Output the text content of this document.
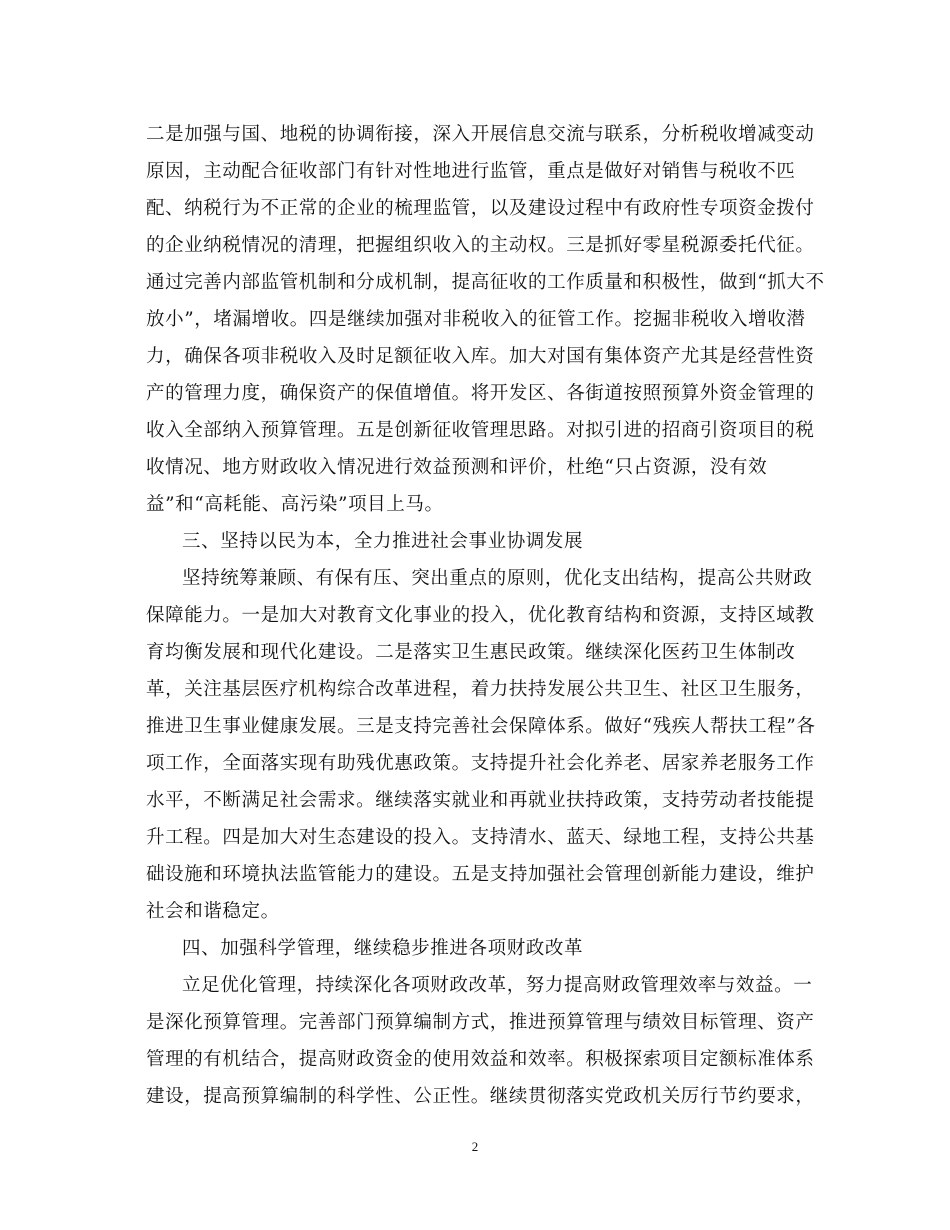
二是加强与国、地税的协调衔接，深入开展信息交流与联系，分析税收增减变动
原因，主动配合征收部门有针对性地进行监管，重点是做好对销售与税收不匹
配、纳税行为不正常的企业的梳理监管，以及建设过程中有政府性专项资金拨付
的企业纳税情况的清理，把握组织收入的主动权。三是抓好零星税源委托代征。
通过完善内部监管机制和分成机制，提高征收的工作质量和积极性，做到“抓大不
放小”，堵漏增收。四是继续加强对非税收入的征管工作。挖掘非税收入增收潜
力，确保各项非税收入及时足额征收入库。加大对国有集体资产尤其是经营性资
产的管理力度，确保资产的保值增值。将开发区、各街道按照预算外资金管理的
收入全部纳入预算管理。五是创新征收管理思路。对拟引进的招商引资项目的税
收情况、地方财政收入情况进行效益预测和评价，杜绝“只占资源，没有效
益”和“高耗能、高污染”项目上马。
三、坚持以民为本，全力推进社会事业协调发展
坚持统筹兼顾、有保有压、突出重点的原则，优化支出结构，提高公共财政
保障能力。一是加大对教育文化事业的投入，优化教育结构和资源，支持区域教
育均衡发展和现代化建设。二是落实卫生惠民政策。继续深化医药卫生体制改
革，关注基层医疗机构综合改革进程，着力扶持发展公共卫生、社区卫生服务，
推进卫生事业健康发展。三是支持完善社会保障体系。做好“残疾人帮扶工程”各
项工作，全面落实现有助残优惠政策。支持提升社会化养老、居家养老服务工作
水平，不断满足社会需求。继续落实就业和再就业扶持政策，支持劳动者技能提
升工程。四是加大对生态建设的投入。支持清水、蓝天、绿地工程，支持公共基
础设施和环境执法监管能力的建设。五是支持加强社会管理创新能力建设，维护
社会和谐稳定。
四、加强科学管理，继续稳步推进各项财政改革
立足优化管理，持续深化各项财政改革，努力提高财政管理效率与效益。一
是深化预算管理。完善部门预算编制方式，推进预算管理与绩效目标管理、资产
管理的有机结合，提高财政资金的使用效益和效率。积极探索项目定额标准体系
建设，提高预算编制的科学性、公正性。继续贯彻落实党政机关厉行节约要求，
2
